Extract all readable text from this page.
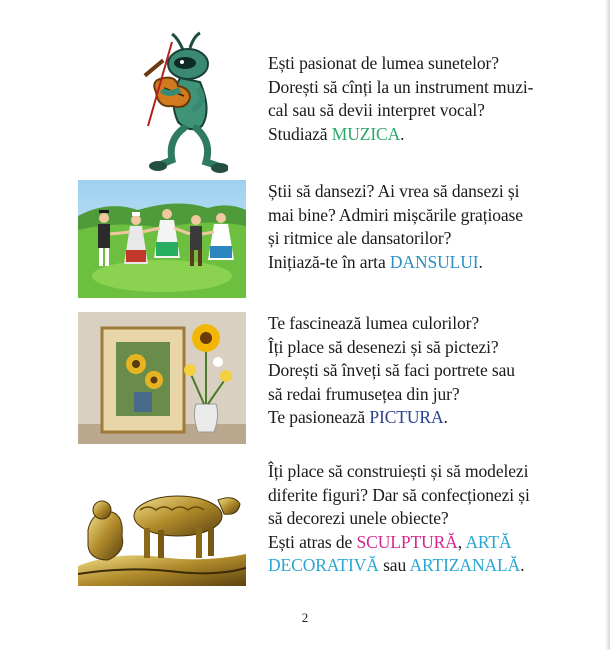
Ești pasionat de lumea sunetelor?

Dorești să cînți la un instrument muzi-

cal sau să devii interpret vocal?

Studiază MUZICA.

Știi să dansezi? Ai vrea să dansezi și

mai bine? Admiri mișcările grațioase

și ritmice ale dansatorilor?

Inițiază-te în arta DANSULUI.

Te fascinează lumea culorilor?

Îți place să desenezi și să pictezi?

Dorești să înveți să faci portrete sau

să redai frumusețea din jur?

Te pasionează PICTURA.

Îți place să construiești și să modelezi

diferite figuri? Dar să confecționezi și

să decorezi unele obiecte?

Ești atras de SCULPTURĂ, ARTĂ

DECORATIVĂ sau ARTIZANALĂ.

2
